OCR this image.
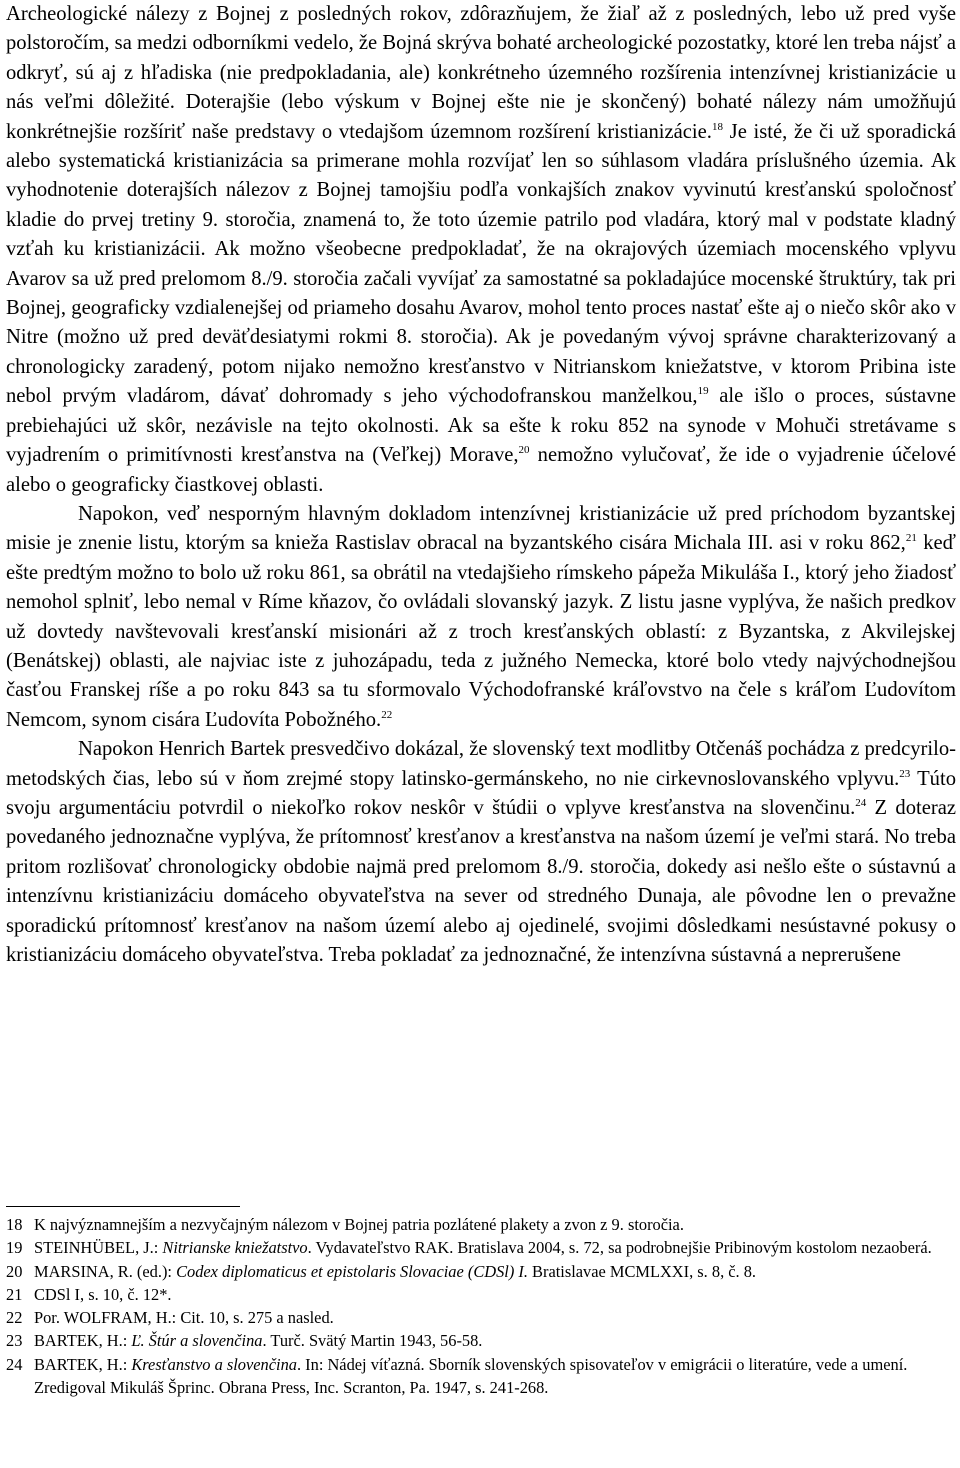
Archeologické nálezy z Bojnej z posledných rokov, zdôrazňujem, že žiaľ až z posledných, lebo už pred vyše polstoročím, sa medzi odborníkmi vedelo, že Bojná skrýva bohaté archeologické pozostatky, ktoré len treba nájsť a odkryť, sú aj z hľadiska (nie predpokladania, ale) konkrétneho územného rozšírenia intenzívnej kristianizácie u nás veľmi dôležité. Doterajšie (lebo výskum v Bojnej ešte nie je skončený) bohaté nálezy nám umožňujú konkrétnejšie rozšíriť naše predstavy o vtedajšom územnom rozšírení kristianizácie.$^{18}$ Je isté, že či už sporadická alebo systematická kristianizácia sa primerane mohla rozvíjať len so súhlasom vladára príslušného územia. Ak vyhodnotenie doterajších nálezov z Bojnej tamojšiu podľa vonkajších znakov vyvinutú kresťanskú spoločnosť kladie do prvej tretiny 9. storočia, znamená to, že toto územie patrilo pod vladára, ktorý mal v podstate kladný vzťah ku kristianizácii. Ak možno všeobecne predpokladať, že na okrajových územiach mocenského vplyvu Avarov sa už pred prelomom 8./9. storočia začali vyvíjať za samostatné sa pokladajúce mocenské štruktúry, tak pri Bojnej, geograficky vzdialenejšej od priameho dosahu Avarov, mohol tento proces nastať ešte aj o niečo skôr ako v Nitre (možno už pred deväťdesiatymi rokmi 8. storočia). Ak je povedaným vývoj správne charakterizovaný a chronologicky zaradený, potom nijako nemožno kresťanstvo v Nitrianskom kniežatstve, v ktorom Pribina iste nebol prvým vladárom, dávať dohromady s jeho východofranskou manželkou,$^{19}$ ale išlo o proces, sústavne prebiehajúci už skôr, nezávisle na tejto okolnosti. Ak sa ešte k roku 852 na synode v Mohuči stretávame s vyjadrením o primitívnosti kresťanstva na (Veľkej) Morave,$^{20}$ nemožno vylučovať, že ide o vyjadrenie účelové alebo o geograficky čiastkovej oblasti.

Napokon, veď nesporným hlavným dokladom intenzívnej kristianizácie už pred príchodom byzantskej misie je znenie listu, ktorým sa knieža Rastislav obracal na byzantského cisára Michala III. asi v roku 862,21 keď ešte predtým možno to bolo už roku 861, sa obrátil na vtedajšieho rímskeho pápeža Mikuláša I., ktorý jeho žiadosť nemohol splniť, lebo nemal v Ríme kňazov, čo ovládali slovanský jazyk. Z listu jasne vyplýva, že našich predkov už dovtedy navštevovali kresťanskí misionári až z troch kresťanských oblastí: z Byzantska, z Akvilejskej (Benátskej) oblasti, ale najviac iste z juhozápadu, teda z južného Nemecka, ktoré bolo vtedy najvýchodnejšou časťou Franskej ríše a po roku 843 sa tu sformovalo Východofranské kráľovstvo na čele s kráľom Ľudovítom Nemcom, synom cisára Ľudovíta Pobožného.$^{22}$

Napokon Henrich Bartek presvedčivo dokázal, že slovenský text modlitby Otčenáš pochádza z predcyrilo-metodských čias, lebo sú v ňom zrejmé stopy latinsko-germánskeho, no nie cirkevnoslovanského vplyvu.$^{23}$ Túto svoju argumentáciu potvrdil o niekoľko rokov neskôr v štúdii o vplyve kresťanstva na slovenčinu.$^{24}$ Z doteraz povedaného jednoznačne vyplýva, že prítomnosť kresťanov a kresťanstva na našom území je veľmi stará. No treba pritom rozlišovať chronologicky obdobie najmä pred prelomom 8./9. storočia, dokedy asi nešlo ešte o sústavnú a intenzívnu kristianizáciu domáceho obyvateľstva na sever od stredného Dunaja, ale pôvodne len o prevažne sporadickú prítomnosť kresťanov na našom území alebo aj ojedinelé, svojimi dôsledkami nesústavné pokusy o kristianizáciu domáceho obyvateľstva. Treba pokladať za jednoznačné, že intenzívna sústavná a neprerušene

18 K najvýznamnejším a nezvyčajným nálezom v Bojnej patria pozlátené plakety a zvon z 9. storočia.
19 STEINHÜBEL, J.: Nitrianske kniežatstvo. Vydavateľstvo RAK. Bratislava 2004, s. 72, sa podrobnejšie Pribinovým kostolom nezaoberá.
20 MARSINA, R. (ed.): Codex diplomaticus et epistolaris Slovaciae (CDSl) I. Bratislavae MCMLXXI, s. 8, č. 8.
21 CDSl I, s. 10, č. 12*.
22 Por. WOLFRAM, H.: Cit. 10, s. 275 a nasled.
23 BARTEK, H.: Ľ. Štúr a slovenčina. Turč. Svätý Martin 1943, 56-58.
24 BARTEK, H.: Kresťanstvo a slovenčina. In: Nádej víťazná. Sborník slovenských spisovateľov v emigrácii o literatúre, vede a umení. Zredigoval Mikuláš Šprinc. Obrana Press, Inc. Scranton, Pa. 1947, s. 241-268.
